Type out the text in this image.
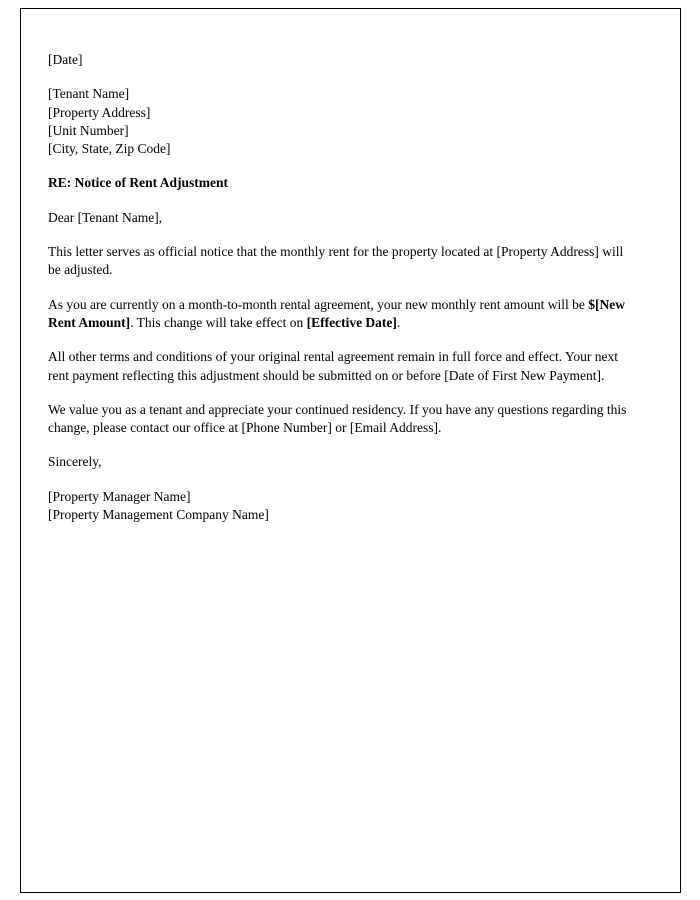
[Date]

[Tenant Name]
[Property Address]
[Unit Number]
[City, State, Zip Code]

RE: Notice of Rent Adjustment

Dear [Tenant Name],

This letter serves as official notice that the monthly rent for the property located at [Property Address] will be adjusted.

As you are currently on a month-to-month rental agreement, your new monthly rent amount will be $[New Rent Amount]. This change will take effect on [Effective Date].

All other terms and conditions of your original rental agreement remain in full force and effect. Your next rent payment reflecting this adjustment should be submitted on or before [Date of First New Payment].

We value you as a tenant and appreciate your continued residency. If you have any questions regarding this change, please contact our office at [Phone Number] or [Email Address].

Sincerely,

[Property Manager Name]
[Property Management Company Name]
